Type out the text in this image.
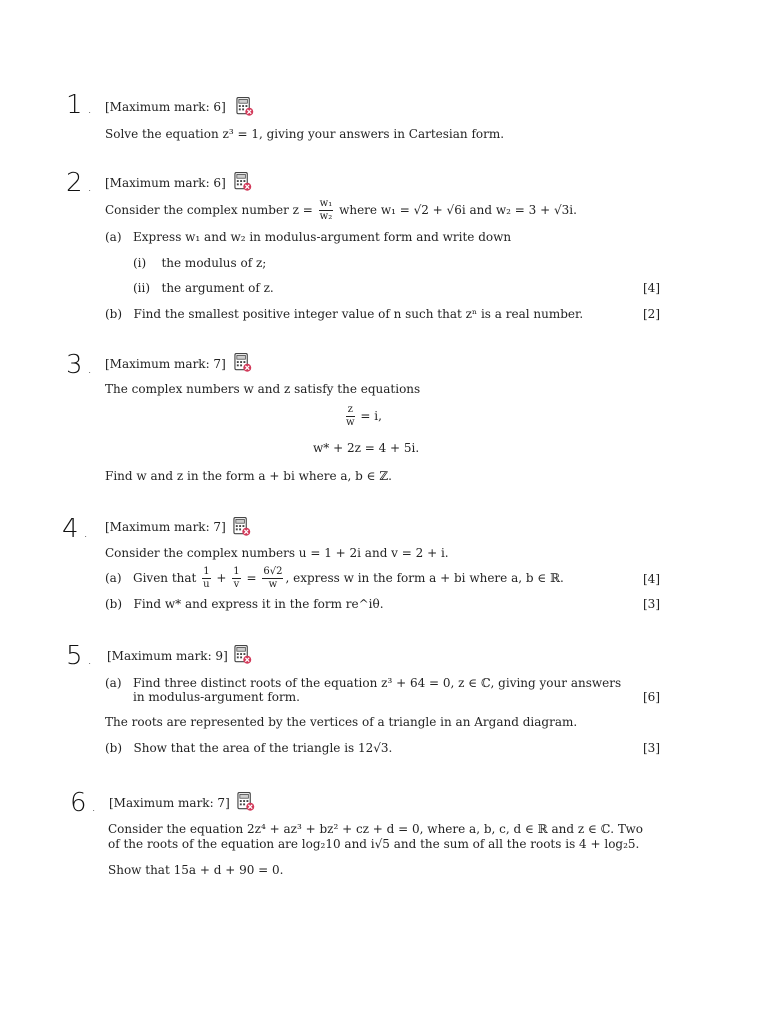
1 . [Maximum mark: 6]
Solve the equation z³ = 1, giving your answers in Cartesian form.
2 . [Maximum mark: 6]
Consider the complex number $z = \frac{\text{w₁}}{\text{w₂}}$ where w₁ = √2 + √6i and w₂ = 3 + √3i.
(a) Express w₁ and w₂ in modulus-argument form and write down
(i) the modulus of z;
(ii) the argument of z.	[4]
(b) Find the smallest positive integer value of n such that zⁿ is a real number.	[2]
3 . [Maximum mark: 7]
The complex numbers w and z satisfy the equations
$\frac{z}{w} = i$,
w* + 2z = 4 + 5i.
Find w and z in the form a + bi where a, b ∈ ℤ.
4 . [Maximum mark: 7]
Consider the complex numbers u = 1 + 2i and v = 2 + i.
(a) Given that $\frac{1}{u} + \frac{1}{v} = \frac{6√2}{w}$ , express w in the form a + bi where a, b ∈ ℝ.	[4]
(b) Find w* and express it in the form re^iθ.	[3]
5 . [Maximum mark: 9]
(a) Find three distinct roots of the equation z³ + 64 = 0, z ∈ ℂ, giving your answers
in modulus-argument form.	[6]
The roots are represented by the vertices of a triangle in an Argand diagram.
(b) Show that the area of the triangle is 12√3.	[3]
6 . [Maximum mark: 7]
Consider the equation 2z⁴ + az³ + bz² + cz + d = 0, where a, b, c, d ∈ ℝ and z ∈ ℂ. Two
of the roots of the equation are log₂10 and i√5 and the sum of all the roots is 4 + log₂5.
Show that 15a + d + 90 = 0.
